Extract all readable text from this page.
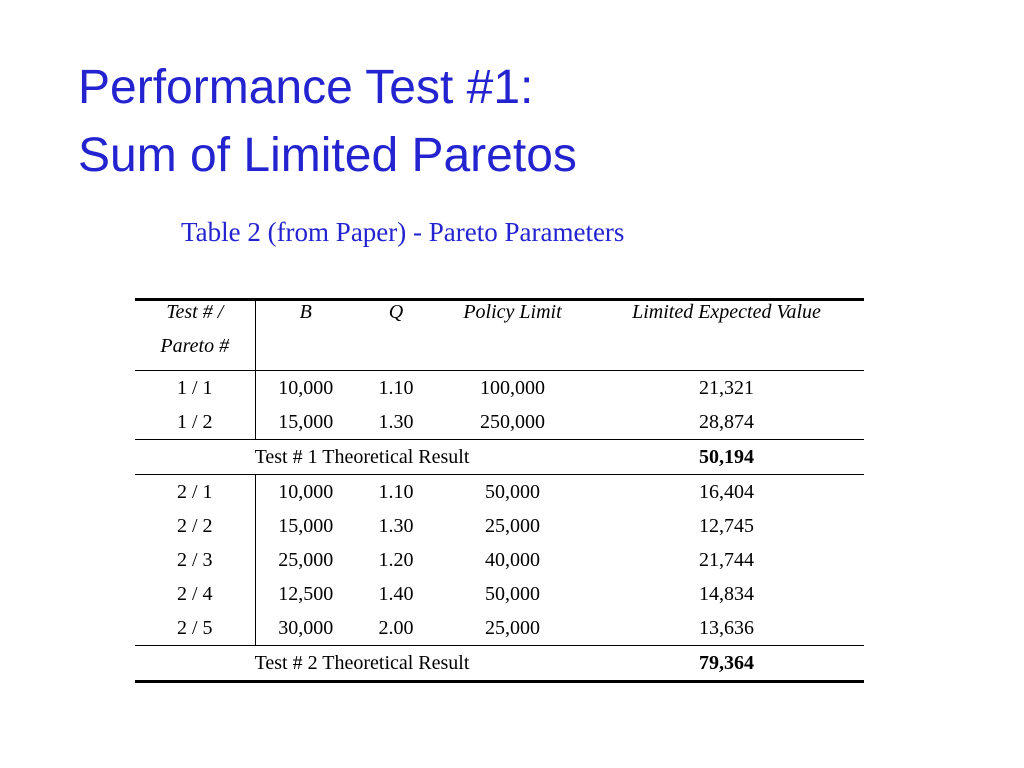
Performance Test #1:
Sum of Limited Paretos
Table 2 (from Paper) - Pareto Parameters
Test # /	B	Q	Policy Limit	Limited Expected Value
Pareto #				
1 / 1	10,000	1.10	100,000	21,321
1 / 2	15,000	1.30	250,000	28,874
Test # 1 Theoretical Result				50,194
2 / 1	10,000	1.10	50,000	16,404
2 / 2	15,000	1.30	25,000	12,745
2 / 3	25,000	1.20	40,000	21,744
2 / 4	12,500	1.40	50,000	14,834
2 / 5	30,000	2.00	25,000	13,636
Test # 2 Theoretical Result				79,364
